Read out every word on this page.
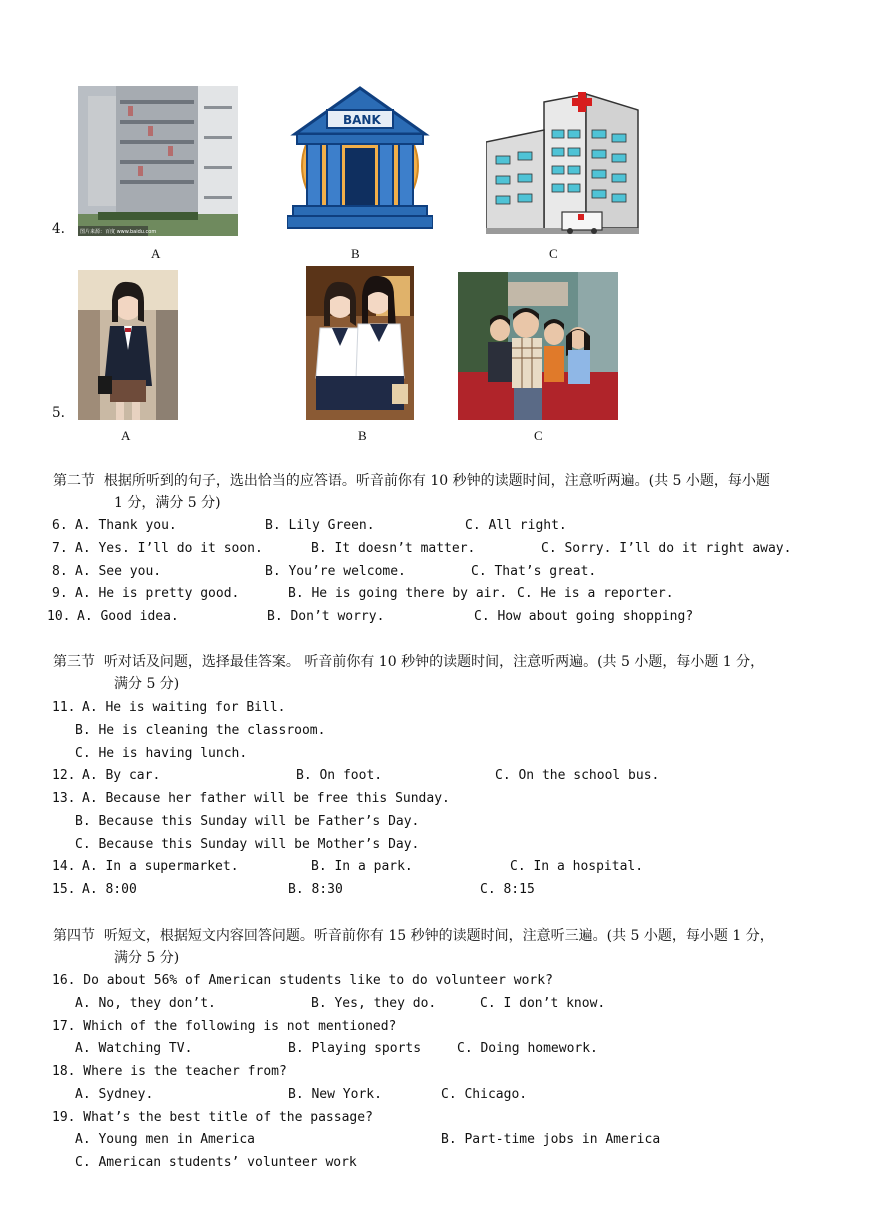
4.	图片来源：百度 www.baidu.com
A
BANK
B	C
5.
A	B	C
第二节  根据所听到的句子，选出恰当的应答语。听音前你有 10 秒钟的读题时间，注意听两遍。(共 5 小题，每小题
1 分，满分 5 分)
6. A. Thank you.	B. Lily Green.	C. All right.
7. A. Yes. I’ll do it soon.	B. It doesn’t matter.	C. Sorry. I’ll do it right away.
8. A. See you.	B. You’re welcome.	C. That’s great.
9. A. He is pretty good.	B. He is going there by air. C. He is a reporter.
10. A. Good idea.	B. Don’t worry.	C. How about going shopping?
第三节  听对话及问题，选择最佳答案。 听音前你有 10 秒钟的读题时间，注意听两遍。(共 5 小题，每小题 1 分，
满分 5 分)
11. A. He is waiting for Bill.
B. He is cleaning the classroom.
C. He is having lunch.
12. A. By car.	B. On foot.	C. On the school bus.
13. A. Because her father will be free this Sunday.
B. Because this Sunday will be Father’s Day.
C. Because this Sunday will be Mother’s Day.
14. A. In a supermarket.	B. In a park.	C. In a hospital.
15. A. 8:00	B. 8:30	C. 8:15
第四节  听短文，根据短文内容回答问题。听音前你有 15 秒钟的读题时间，注意听三遍。(共 5 小题，每小题 1 分，
满分 5 分)
16. Do about 56% of American students like to do volunteer work?
A. No, they don’t.	B. Yes, they do.	C. I don’t know.
17. Which of the following is not mentioned?
A. Watching TV.	B. Playing sports	C. Doing homework.
18. Where is the teacher from?
A. Sydney.	B. New York.	C. Chicago.
19. What’s the best title of the passage?
A. Young men in America	B. Part-time jobs in America
C. American students’ volunteer work
